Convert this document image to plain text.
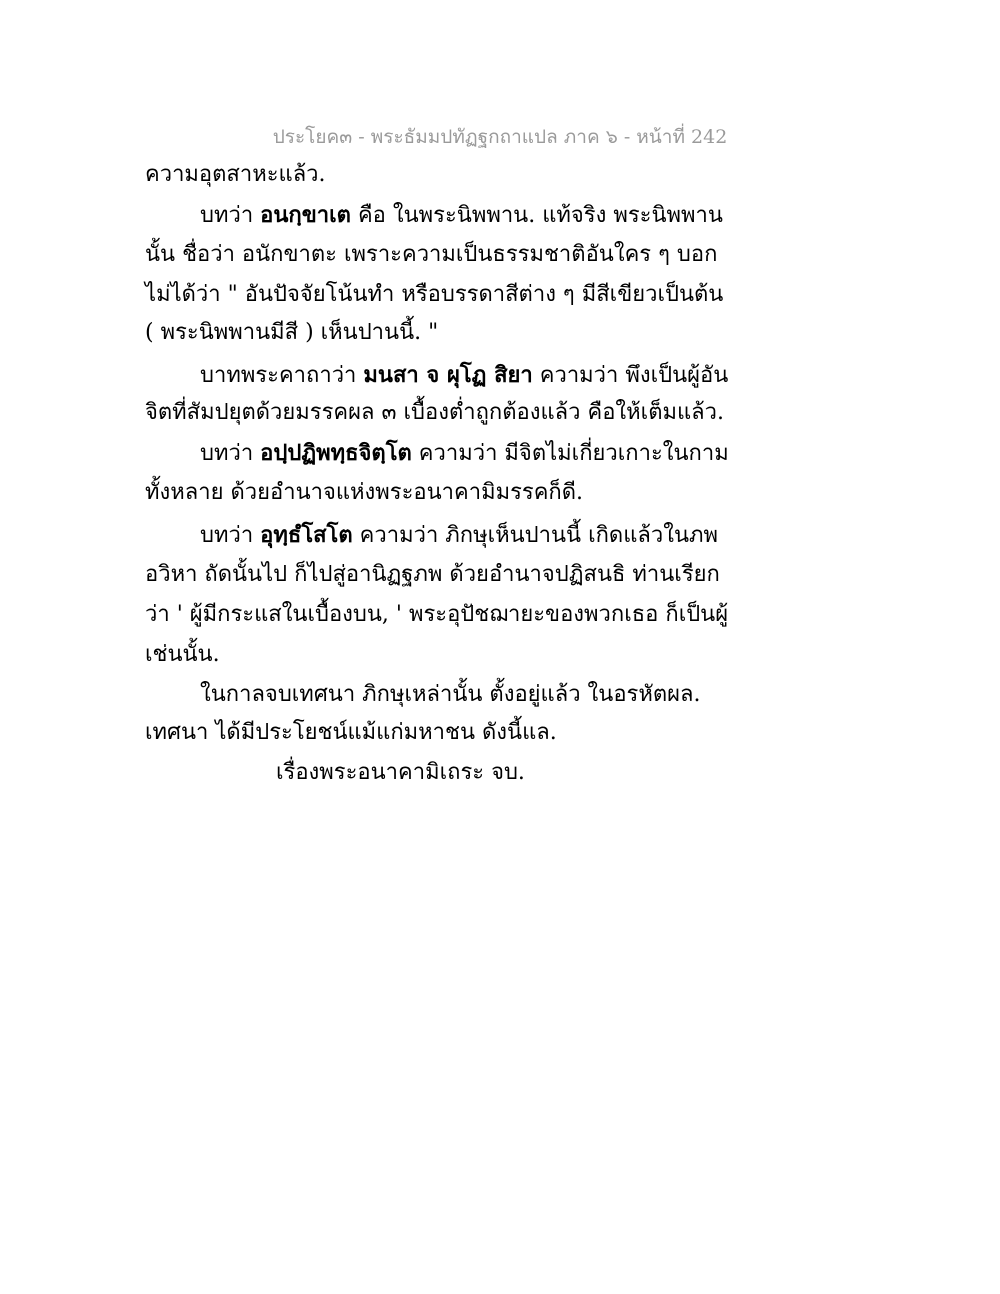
ประโยค๓ - พระธัมมปทัฏฐกถาแปล ภาค ๖ - หน้าที่ 242
ความอุตสาหะแล้ว.
บทว่า อนกฺขาเต คือ ในพระนิพพาน. แท้จริง พระนิพพาน
นั้น ชื่อว่า อนักขาตะ เพราะความเป็นธรรมชาติอันใคร ๆ บอก
ไม่ได้ว่า " อันปัจจัยโน้นทำ หรือบรรดาสีต่าง ๆ มีสีเขียวเป็นต้น
( พระนิพพานมีสี ) เห็นปานนี้. "
บาทพระคาถาว่า มนสา จ ผุโฏ สิยา ความว่า พึงเป็นผู้อัน
จิตที่สัมปยุตด้วยมรรคผล ๓ เบื้องต่ำถูกต้องแล้ว คือให้เต็มแล้ว.
บทว่า อปฺปฏิพทฺธจิตฺโต ความว่า มีจิตไม่เกี่ยวเกาะในกาม
ทั้งหลาย ด้วยอำนาจแห่งพระอนาคามิมรรคก็ดี.
บทว่า อุทฺธํโสโต ความว่า ภิกษุเห็นปานนี้ เกิดแล้วในภพ
อวิหา ถัดนั้นไป ก็ไปสู่อานิฏฐภพ ด้วยอำนาจปฏิสนธิ ท่านเรียก
ว่า ' ผู้มีกระแสในเบื้องบน, ' พระอุปัชฌายะของพวกเธอ ก็เป็นผู้
เช่นนั้น.
ในกาลจบเทศนา ภิกษุเหล่านั้น ตั้งอยู่แล้ว ในอรหัตผล.
เทศนา ได้มีประโยชน์แม้แก่มหาชน ดังนี้แล.
เรื่องพระอนาคามิเถระ จบ.
